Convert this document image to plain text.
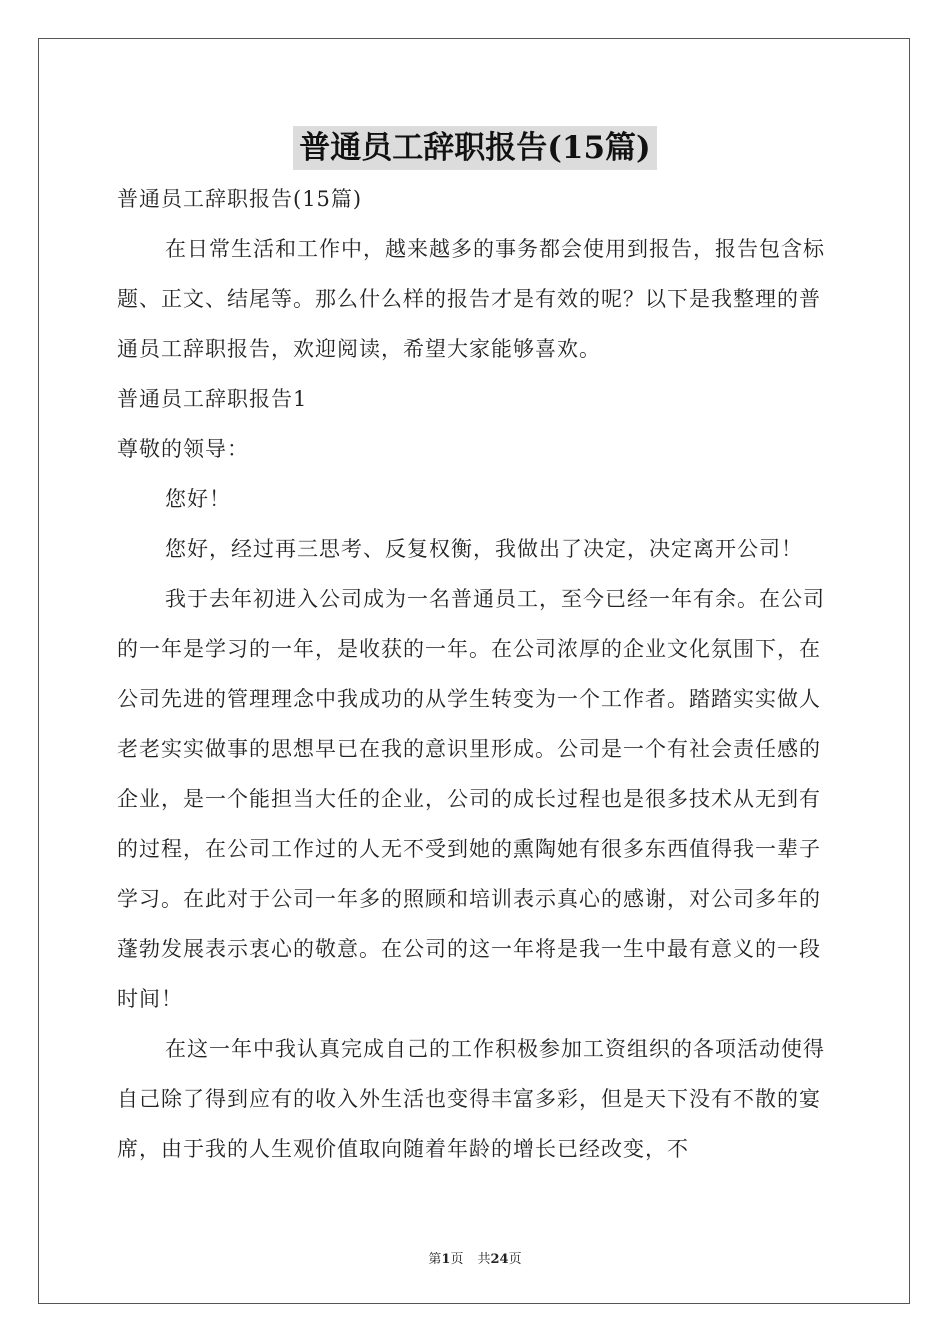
普通员工辞职报告(15篇)

普通员工辞职报告(15篇)

在日常生活和工作中，越来越多的事务都会使用到报告，报告包含标题、正文、结尾等。那么什么样的报告才是有效的呢？以下是我整理的普通员工辞职报告，欢迎阅读，希望大家能够喜欢。

普通员工辞职报告1

尊敬的领导：

您好！

您好，经过再三思考、反复权衡，我做出了决定，决定离开公司！

我于去年初进入公司成为一名普通员工，至今已经一年有余。在公司的一年是学习的一年，是收获的一年。在公司浓厚的企业文化氛围下，在公司先进的管理理念中我成功的从学生转变为一个工作者。踏踏实实做人老老实实做事的思想早已在我的意识里形成。公司是一个有社会责任感的企业，是一个能担当大任的企业，公司的成长过程也是很多技术从无到有的过程，在公司工作过的人无不受到她的熏陶她有很多东西值得我一辈子学习。在此对于公司一年多的照顾和培训表示真心的感谢，对公司多年的蓬勃发展表示衷心的敬意。在公司的这一年将是我一生中最有意义的一段时间！

在这一年中我认真完成自己的工作积极参加工资组织的各项活动使得自己除了得到应有的收入外生活也变得丰富多彩，但是天下没有不散的宴席，由于我的人生观价值取向随着年龄的增长已经改变，不

第1页 共24页
